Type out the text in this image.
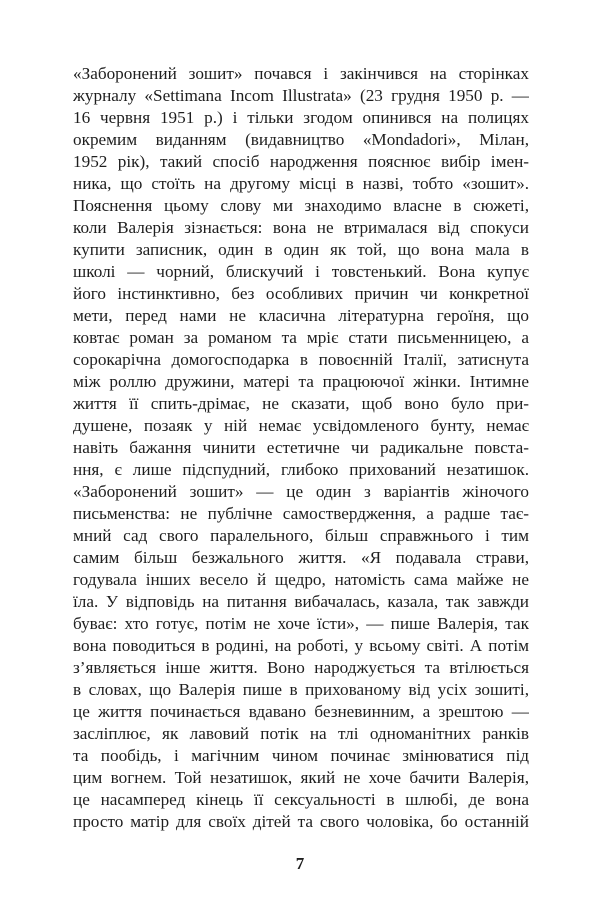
«Заборонений зошит» почався і закінчився на сторінках
журналу «Settimana Incom Illustrata» (23 грудня 1950 р. —
16 червня 1951 р.) і тільки згодом опинився на полицях
окремим виданням (видавництво «Mondadori», Мілан,
1952 рік), такий спосіб народження пояснює вибір імен-
ника, що стоїть на другому місці в назві, тобто «зошит».
Пояснення цьому слову ми знаходимо власне в сюжеті,
коли Валерія зізнається: вона не втрималася від спокуси
купити записник, один в один як той, що вона мала в
школі — чорний, блискучий і товстенький. Вона купує
його інстинктивно, без особливих причин чи конкретної
мети, перед нами не класична літературна героїня, що
ковтає роман за романом та мріє стати письменницею, а
сорокарічна домогосподарка в повоєнній Італії, затиснута
між роллю дружини, матері та працюючої жінки. Інтимне
життя її спить-дрімає, не сказати, щоб воно було при-
душене, позаяк у ній немає усвідомленого бунту, немає
навіть бажання чинити естетичне чи радикальне повста-
ння, є лише підспудний, глибоко прихований незатишок.
«Заборонений зошит» — це один з варіантів жіночого
письменства: не публічне самоствердження, а радше тає-
мний сад свого паралельного, більш справжнього і тим
самим більш безжального життя. «Я подавала страви,
годувала інших весело й щедро, натомість сама майже не
їла. У відповідь на питання вибачалась, казала, так завжди
буває: хто готує, потім не хоче їсти», — пише Валерія, так
вона поводиться в родині, на роботі, у всьому світі. А потім
з’являється інше життя. Воно народжується та втілюється
в словах, що Валерія пише в прихованому від усіх зошиті,
це життя починається вдавано безневинним, а зрештою —
засліплює, як лавовий потік на тлі одноманітних ранків
та пообідь, і магічним чином починає змінюватися під
цим вогнем. Той незатишок, який не хоче бачити Валерія,
це насамперед кінець її сексуальності в шлюбі, де вона
просто матір для своїх дітей та свого чоловіка, бо останній
7
